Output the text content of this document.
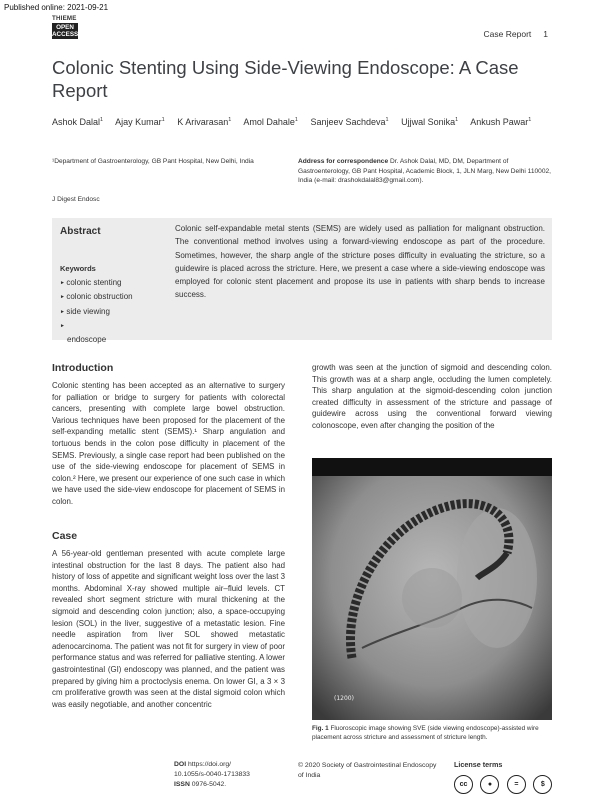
Published online: 2021-09-21
THIEME
OPEN
ACCESS	Case Report 1
Colonic Stenting Using Side-Viewing Endoscope: A Case Report
Ashok Dalal$^1$ Ajay Kumar$^1$ K Arivarasan$^1$ Amol Dahale$^1$ Sanjeev Sachdeva$^1$ Ujjwal Sonika$^1$ Ankush Pawar$^1$
¹Department of Gastroenterology, GB Pant Hospital, New Delhi, India	Address for correspondence Dr. Ashok Dalal, MD, DM, Department of Gastroenterology, GB Pant Hospital, Academic Block, 1, JLN Marg, New Delhi 110002, India (e-mail: drashokdalal83@gmail.com).
J Digest Endosc
Abstract	Colonic self-expandable metal stents (SEMS) are widely used as palliation for malignant obstruction. The conventional method involves using a forward-viewing endoscope as part of the procedure. Sometimes, however, the sharp angle of the stricture poses difficulty in evaluating the stricture, so a guidewire is placed across the stricture. Here, we present a case where a side-viewing endoscope was employed for colonic stent placement and propose its use in patients with sharp bends to increase success.
Keywords
► colonic stenting
► colonic obstruction
► side viewing
► endoscope
Introduction
Colonic stenting has been accepted as an alternative to surgery for palliation or bridge to surgery for patients with colorectal cancers, presenting with complete large bowel obstruction. Various techniques have been proposed for the placement of the self-expanding metallic stent (SEMS).¹ Sharp angulation and tortuous bends in the colon pose difficulty in placement of the SEMS. Previously, a single case report had been published on the use of the side-viewing endoscope for placement of SEMS in colon.² Here, we present our experience of one such case in which we have used the side-view endoscope for placement of SEMS in colon.
Case
A 56-year-old gentleman presented with acute complete large intestinal obstruction for the last 8 days. The patient also had history of loss of appetite and significant weight loss over the last 3 months. Abdominal X-ray showed multiple air–fluid levels. CT revealed short segment stricture with mural thickening at the sigmoid and descending colon junction; also, a space-occupying lesion (SOL) in the liver, suggestive of a metastatic lesion. Fine needle aspiration from liver SOL showed metastatic adenocarcinoma. The patient was not fit for surgery in view of poor performance status and was referred for palliative stenting. A lower gastrointestinal (GI) endoscopy was planned, and the patient was prepared by giving him a proctoclysis enema. On lower GI, a 3 × 3 cm proliferative growth was seen at the distal sigmoid colon which was easily negotiable, and another concentric
growth was seen at the junction of sigmoid and descending colon. This growth was at a sharp angle, occluding the lumen completely. This sharp angulation at the sigmoid-descending colon junction created difficulty in assessment of the stricture and passage of guidewire across using the conventional forward viewing colonoscope, even after changing the position of the
(1200)
Fig. 1 Fluoroscopic image showing SVE (side viewing endoscope)-assisted wire placement across stricture and assessment of stricture length.
DOI https://doi.org/
10.1055/s-0040-1713833
ISSN 0976-5042.
© 2020 Society of Gastrointestinal Endoscopy of India
License terms
cc	●	=	$
